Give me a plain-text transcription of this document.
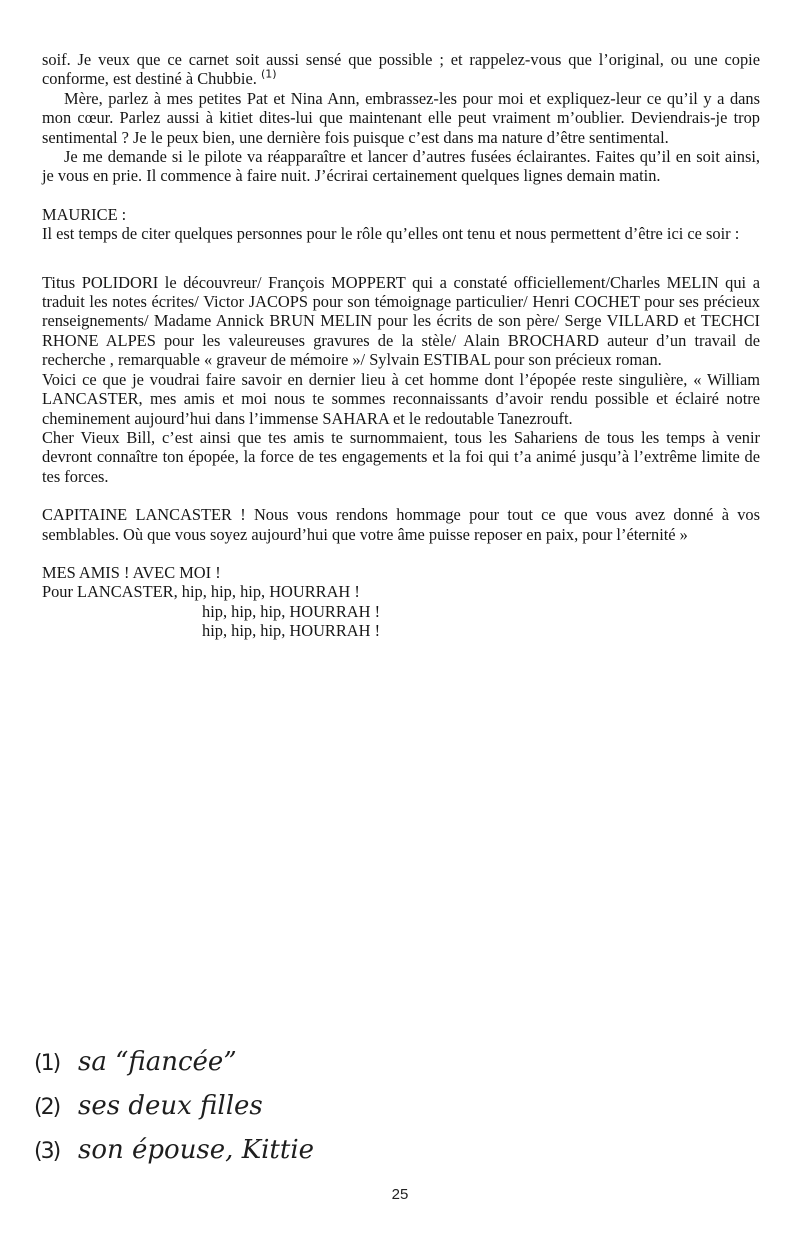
soif. Je veux que ce carnet soit aussi sensé que possible ; et rappelez-vous que l’original, ou une copie conforme, est destiné à Chubbie. $^{(1)}$

Mère, parlez à mes petites Pat et Nina Ann, embrassez-les pour moi et expliquez-leur ce qu’il y a dans mon cœur. Parlez aussi à kitiet dites-lui que maintenant elle peut vraiment m’oublier. Deviendrais-je trop sentimental ? Je le peux bien, une dernière fois puisque c’est dans ma nature d’être sentimental.

Je me demande si le pilote va réapparaître et lancer d’autres fusées éclairantes. Faites qu’il en soit ainsi, je vous en prie. Il commence à faire nuit. J’écrirai certainement quelques lignes demain matin.

MAURICE :

Il est temps de citer quelques personnes pour le rôle qu’elles ont tenu et nous permettent d’être ici ce soir :

Titus POLIDORI le découvreur/ François MOPPERT qui a constaté officiellement/Charles MELIN qui a traduit les notes écrites/ Victor JACOPS pour son témoignage particulier/ Henri COCHET pour ses précieux renseignements/ Madame Annick BRUN MELIN pour les écrits de son père/ Serge VILLARD et TECHCI RHONE ALPES pour les valeureuses gravures de la stèle/ Alain BROCHARD auteur d’un travail de recherche , remarquable « graveur de mémoire »/ Sylvain ESTIBAL pour son précieux roman.

Voici ce que je voudrai faire savoir en dernier lieu à cet homme dont l’épopée reste singulière, « William LANCASTER, mes amis et moi nous te sommes reconnaissants d’avoir rendu possible et éclairé notre cheminement aujourd’hui dans l’immense SAHARA et le redoutable Tanezrouft.

Cher Vieux Bill, c’est ainsi que tes amis te surnommaient, tous les Sahariens de tous les temps à venir devront connaître ton épopée, la force de tes engagements et la foi qui t’a animé jusqu’à l’extrême limite de tes forces.

CAPITAINE LANCASTER ! Nous vous rendons hommage pour tout ce que vous avez donné à vos semblables. Où que vous soyez aujourd’hui que votre âme puisse reposer en paix, pour l’éternité »

MES AMIS ! AVEC MOI !

Pour LANCASTER, hip, hip, hip, HOURRAH !

hip, hip, hip, HOURRAH !

hip, hip, hip, HOURRAH !

(1) sa “fiancée”
(2) ses deux filles
(3) son épouse, Kittie
25
